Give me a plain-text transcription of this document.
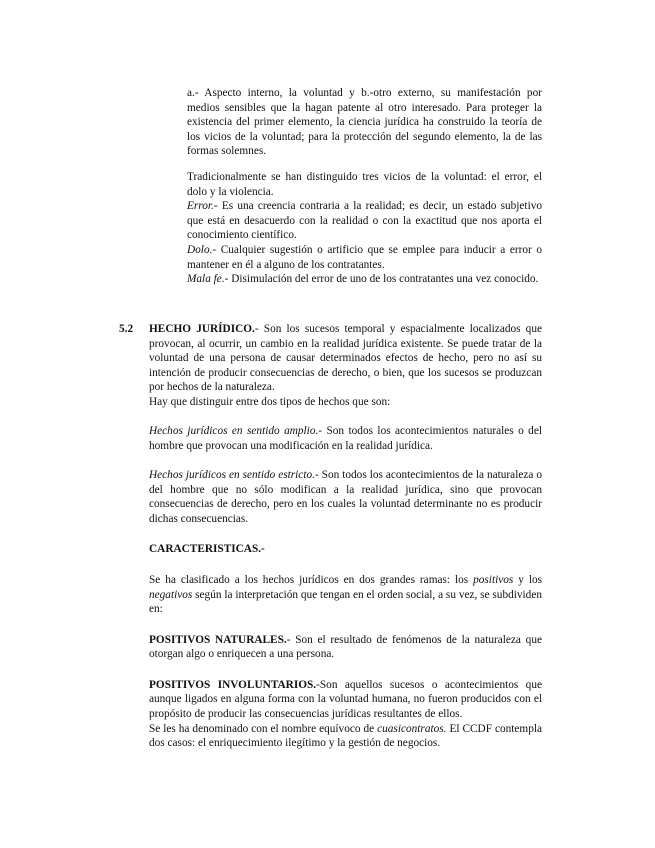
a.- Aspecto interno, la voluntad y b.-otro externo, su manifestación por medios sensibles que la hagan patente al otro interesado. Para proteger la existencia del primer elemento, la ciencia jurídica ha construido la teoría de los vicios de la voluntad; para la protección del segundo elemento, la de las formas solemnes.

Tradicionalmente se han distinguido tres vicios de la voluntad: el error, el dolo y la violencia.

Error.- Es una creencia contraria a la realidad; es decir, un estado subjetivo que está en desacuerdo con la realidad o con la exactitud que nos aporta el conocimiento científico.

Dolo.- Cualquier sugestión o artificio que se emplee para inducir a error o mantener en él a alguno de los contratantes.

Mala fe.- Disimulación del error de uno de los contratantes una vez conocido.

5.2 HECHO JURÍDICO.- Son los sucesos temporal y espacialmente localizados que provocan, al ocurrir, un cambio en la realidad jurídica existente. Se puede tratar de la voluntad de una persona de causar determinados efectos de hecho, pero no así su intención de producir consecuencias de derecho, o bien, que los sucesos se produzcan por hechos de la naturaleza.

Hay que distinguir entre dos tipos de hechos que son:

Hechos jurídicos en sentido amplio.- Son todos los acontecimientos naturales o del hombre que provocan una modificación en la realidad jurídica.

Hechos jurídicos en sentido estricto.- Son todos los acontecimientos de la naturaleza o del hombre que no sólo modifican a la realidad jurídica, sino que provocan consecuencias de derecho, pero en los cuales la voluntad determinante no es producir dichas consecuencias.

CARACTERISTICAS.-

Se ha clasificado a los hechos jurídicos en dos grandes ramas: los positivos y los negativos según la interpretación que tengan en el orden social, a su vez, se subdividen en:

POSITIVOS NATURALES.- Son el resultado de fenómenos de la naturaleza que otorgan algo o enriquecen a una persona.

POSITIVOS INVOLUNTARIOS.-Son aquellos sucesos o acontecimientos que aunque ligados en alguna forma con la voluntad humana, no fueron producidos con el propósito de producir las consecuencias jurídicas resultantes de ellos.

Se les ha denominado con el nombre equívoco de cuasicontratos. El CCDF contempla dos casos: el enriquecimiento ilegítimo y la gestión de negocios.
